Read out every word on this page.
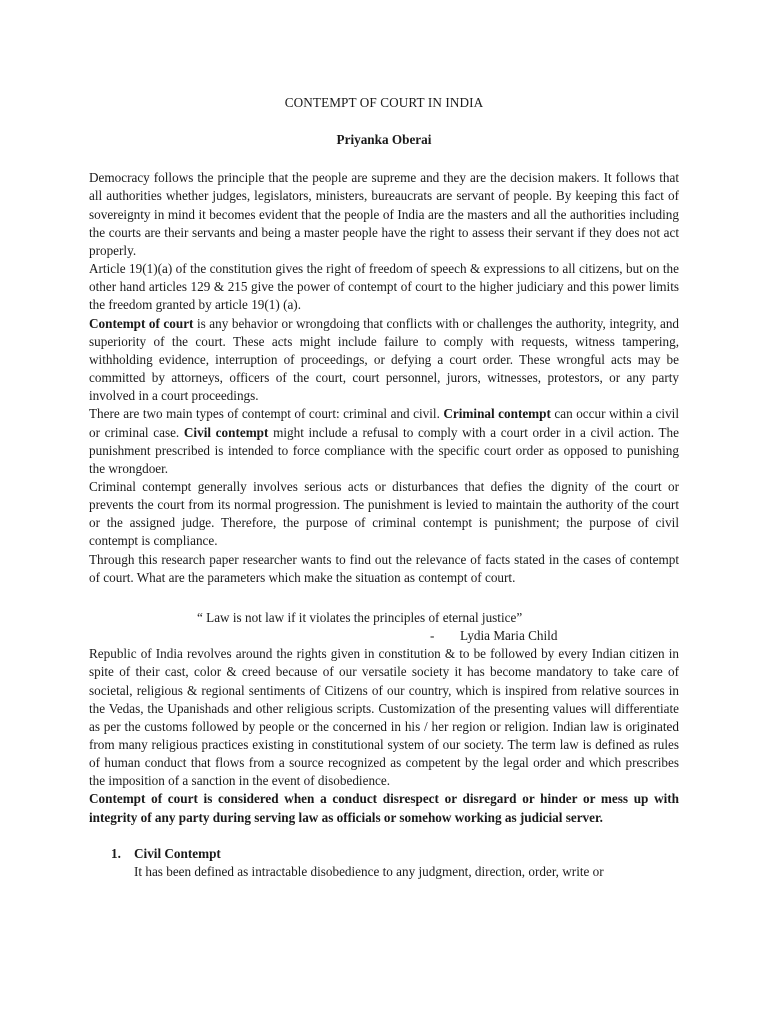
CONTEMPT OF COURT IN INDIA

Priyanka Oberai

Democracy follows the principle that the people are supreme and they are the decision makers. It follows that all authorities whether judges, legislators, ministers, bureaucrats are servant of people. By keeping this fact of sovereignty in mind it becomes evident that the people of India are the masters and all the authorities including the courts are their servants and being a master people have the right to assess their servant if they does not act properly.

Article 19(1)(a) of the constitution gives the right of freedom of speech & expressions to all citizens, but on the other hand articles 129 & 215 give the power of contempt of court to the higher judiciary and this power limits the freedom granted by article 19(1) (a).

Contempt of court is any behavior or wrongdoing that conflicts with or challenges the authority, integrity, and superiority of the court. These acts might include failure to comply with requests, witness tampering, withholding evidence, interruption of proceedings, or defying a court order. These wrongful acts may be committed by attorneys, officers of the court, court personnel, jurors, witnesses, protestors, or any party involved in a court proceedings.

There are two main types of contempt of court: criminal and civil. Criminal contempt can occur within a civil or criminal case. Civil contempt might include a refusal to comply with a court order in a civil action. The punishment prescribed is intended to force compliance with the specific court order as opposed to punishing the wrongdoer.

Criminal contempt generally involves serious acts or disturbances that defies the dignity of the court or prevents the court from its normal progression. The punishment is levied to maintain the authority of the court or the assigned judge. Therefore, the purpose of criminal contempt is punishment; the purpose of civil contempt is compliance.

Through this research paper researcher wants to find out the relevance of facts stated in the cases of contempt of court. What are the parameters which make the situation as contempt of court.

“ Law is not law if it violates the principles of eternal justice”

- Lydia Maria Child

Republic of India revolves around the rights given in constitution & to be followed by every Indian citizen in spite of their cast, color & creed because of our versatile society it has become mandatory to take care of societal, religious & regional sentiments of Citizens of our country, which is inspired from relative sources in the Vedas, the Upanishads and other religious scripts. Customization of the presenting values will differentiate as per the customs followed by people or the concerned in his / her region or religion. Indian law is originated from many religious practices existing in constitutional system of our society. The term law is defined as rules of human conduct that flows from a source recognized as competent by the legal order and which prescribes the imposition of a sanction in the event of disobedience.

Contempt of court is considered when a conduct disrespect or disregard or hinder or mess up with integrity of any party during serving law as officials or somehow working as judicial server.

1. Civil Contempt

It has been defined as intractable disobedience to any judgment, direction, order, write or
